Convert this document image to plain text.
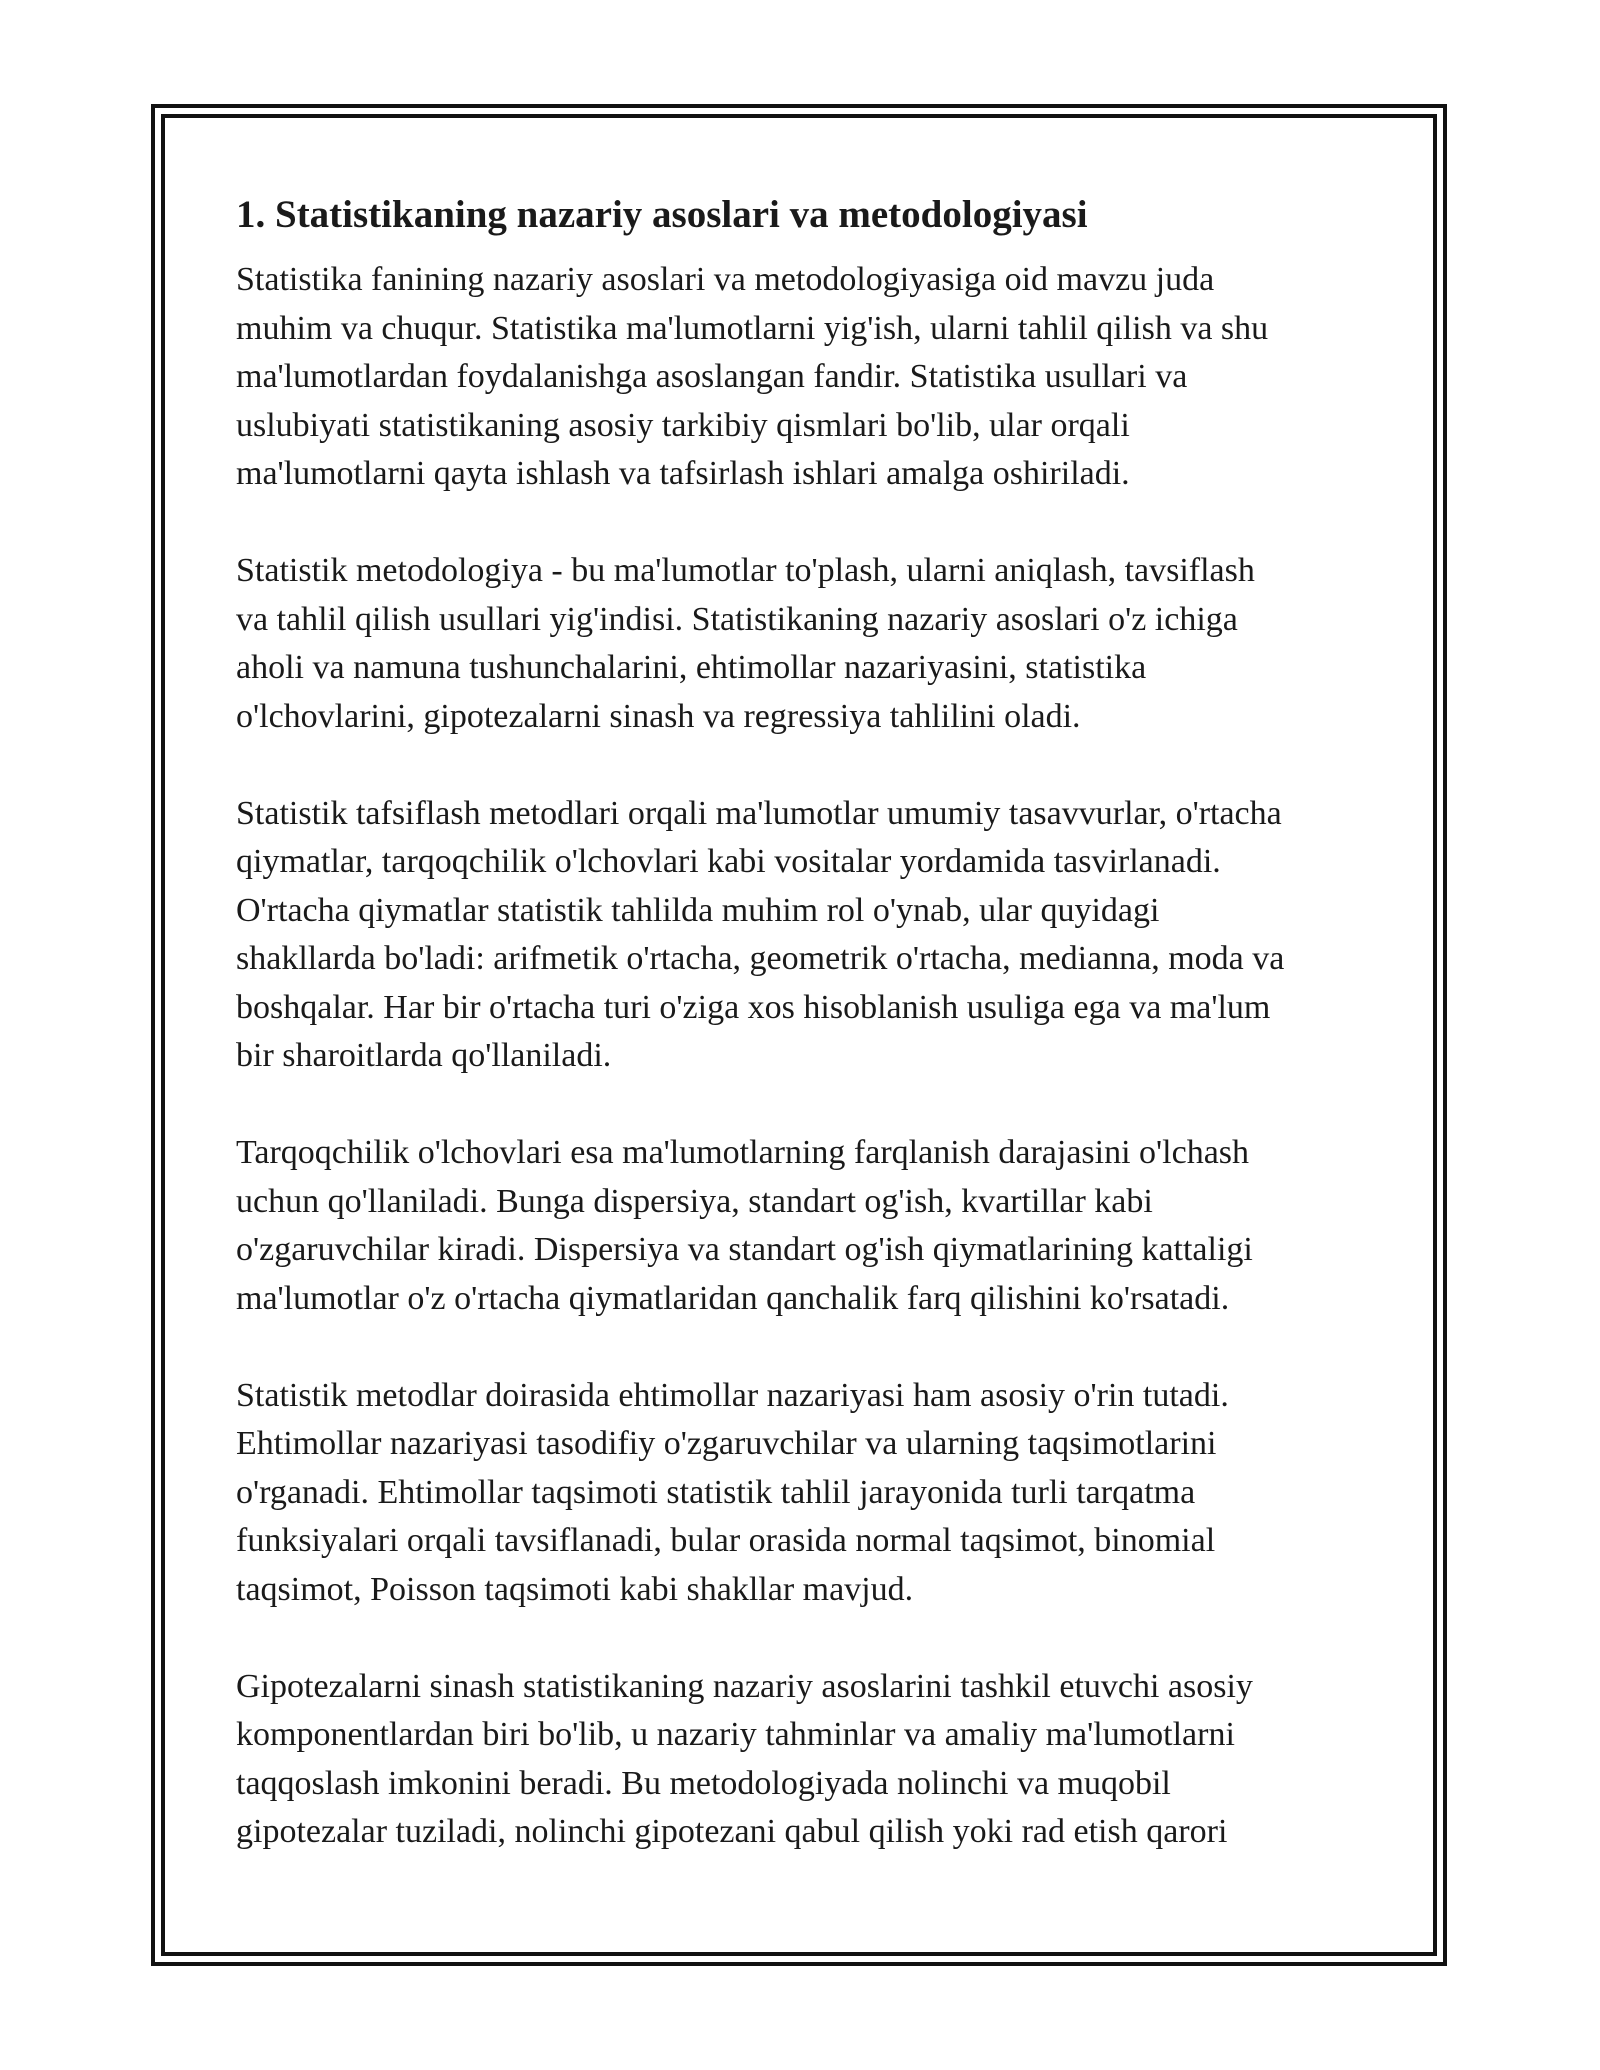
1. Statistikaning nazariy asoslari va metodologiyasi
Statistika fanining nazariy asoslari va metodologiyasiga oid mavzu juda
muhim va chuqur. Statistika ma'lumotlarni yig'ish, ularni tahlil qilish va shu
ma'lumotlardan foydalanishga asoslangan fandir. Statistika usullari va
uslubiyati statistikaning asosiy tarkibiy qismlari bo'lib, ular orqali
ma'lumotlarni qayta ishlash va tafsirlash ishlari amalga oshiriladi.
Statistik metodologiya - bu ma'lumotlar to'plash, ularni aniqlash, tavsiflash
va tahlil qilish usullari yig'indisi. Statistikaning nazariy asoslari o'z ichiga
aholi va namuna tushunchalarini, ehtimollar nazariyasini, statistika
o'lchovlarini, gipotezalarni sinash va regressiya tahlilini oladi.
Statistik tafsiflash metodlari orqali ma'lumotlar umumiy tasavvurlar, o'rtacha
qiymatlar, tarqoqchilik o'lchovlari kabi vositalar yordamida tasvirlanadi.
O'rtacha qiymatlar statistik tahlilda muhim rol o'ynab, ular quyidagi
shakllarda bo'ladi: arifmetik o'rtacha, geometrik o'rtacha, medianna, moda va
boshqalar. Har bir o'rtacha turi o'ziga xos hisoblanish usuliga ega va ma'lum
bir sharoitlarda qo'llaniladi.
Tarqoqchilik o'lchovlari esa ma'lumotlarning farqlanish darajasini o'lchash
uchun qo'llaniladi. Bunga dispersiya, standart og'ish, kvartillar kabi
o'zgaruvchilar kiradi. Dispersiya va standart og'ish qiymatlarining kattaligi
ma'lumotlar o'z o'rtacha qiymatlaridan qanchalik farq qilishini ko'rsatadi.
Statistik metodlar doirasida ehtimollar nazariyasi ham asosiy o'rin tutadi.
Ehtimollar nazariyasi tasodifiy o'zgaruvchilar va ularning taqsimotlarini
o'rganadi. Ehtimollar taqsimoti statistik tahlil jarayonida turli tarqatma
funksiyalari orqali tavsiflanadi, bular orasida normal taqsimot, binomial
taqsimot, Poisson taqsimoti kabi shakllar mavjud.
Gipotezalarni sinash statistikaning nazariy asoslarini tashkil etuvchi asosiy
komponentlardan biri bo'lib, u nazariy tahminlar va amaliy ma'lumotlarni
taqqoslash imkonini beradi. Bu metodologiyada nolinchi va muqobil
gipotezalar tuziladi, nolinchi gipotezani qabul qilish yoki rad etish qarori
